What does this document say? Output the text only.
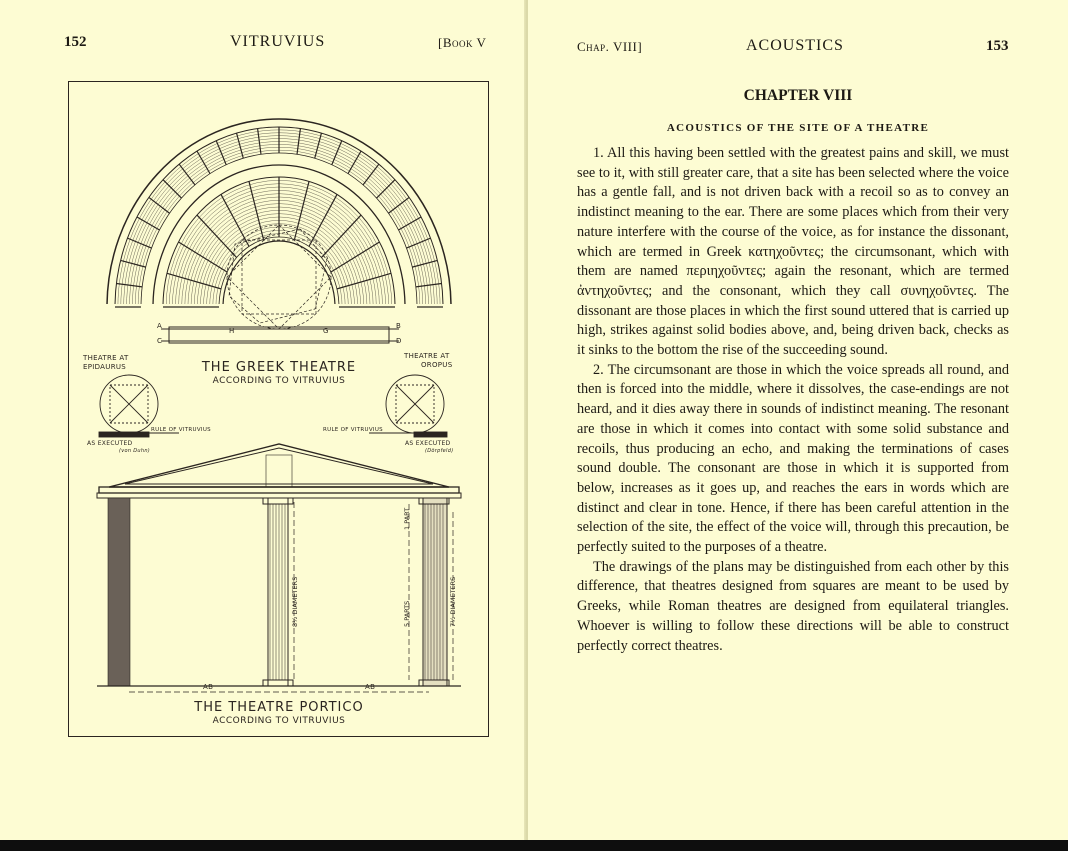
152	VITRUVIUS	[Book V
A	B
C	D
H	G
THE GREEK THEATRE
ACCORDING TO VITRUVIUS
THEATRE AT
EPIDAURUS
THEATRE AT
OROPUS
RULE OF VITRUVIUS	RULE OF VITRUVIUS
AS EXECUTED	AS EXECUTED
(von Duhn)	(Dörpfeld)
1 PART
5 PARTS
8½ DIAMETERS	7½ DIAMETERS
AB	AB
THE THEATRE PORTICO
ACCORDING TO VITRUVIUS
Chap. VIII]	ACOUSTICS	153
CHAPTER VIII
ACOUSTICS OF THE SITE OF A THEATRE

1. All this having been settled with the greatest pains and skill, we must see to it, with still greater care, that a site has been selected where the voice has a gentle fall, and is not driven back with a recoil so as to convey an indistinct meaning to the ear. There are some places which from their very nature interfere with the course of the voice, as for instance the dissonant, which are termed in Greek κατηχοῦντες; the circumsonant, which with them are named περιηχοῦντες; again the resonant, which are termed ἀντηχοῦντες; and the consonant, which they call συνηχοῦντες. The dissonant are those places in which the first sound uttered that is carried up high, strikes against solid bodies above, and, being driven back, checks as it sinks to the bottom the rise of the succeeding sound.

2. The circumsonant are those in which the voice spreads all round, and then is forced into the middle, where it dissolves, the case-endings are not heard, and it dies away there in sounds of indistinct meaning. The resonant are those in which it comes into contact with some solid substance and recoils, thus producing an echo, and making the terminations of cases sound double. The consonant are those in which it is supported from below, increases as it goes up, and reaches the ears in words which are distinct and clear in tone. Hence, if there has been careful attention in the selection of the site, the effect of the voice will, through this precaution, be perfectly suited to the purposes of a theatre.

The drawings of the plans may be distinguished from each other by this difference, that theatres designed from squares are meant to be used by Greeks, while Roman theatres are designed from equilateral triangles. Whoever is willing to follow these directions will be able to construct perfectly correct theatres.
